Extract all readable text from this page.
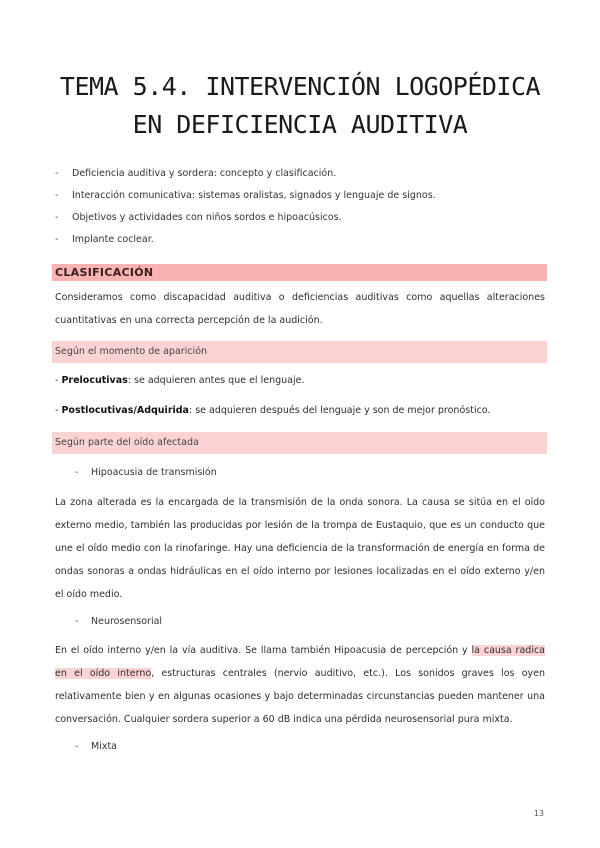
TEMA 5.4. INTERVENCIÓN LOGOPÉDICA EN DEFICIENCIA AUDITIVA
-	Deficiencia auditiva y sordera: concepto y clasificación.
-	Interacción comunicativa: sistemas oralistas, signados y lenguaje de signos.
-	Objetivos y actividades con niños sordos e hipoacúsicos.
-	Implante coclear.
CLASIFICACIÓN

Consideramos como discapacidad auditiva o deficiencias auditivas como aquellas alteraciones cuantitativas en una correcta percepción de la audición.

Según el momento de aparición
- Prelocutivas: se adquieren antes que el lenguaje.
- Postlocutivas/Adquirida: se adquieren después del lenguaje y son de mejor pronóstico.
Según parte del oído afectada
-	Hipoacusia de transmisión

La zona alterada es la encargada de la transmisión de la onda sonora. La causa se sitúa en el oído externo medio, también las producidas por lesión de la trompa de Eustaquio, que es un conducto que une el oído medio con la rinofaringe. Hay una deficiencia de la transformación de energía en forma de ondas sonoras a ondas hidráulicas en el oído interno por lesiones localizadas en el oído externo y/en el oído medio.

-	Neurosensorial

En el oído interno y/en la vía auditiva. Se llama también Hipoacusia de percepción y la causa radica en el oído interno, estructuras centrales (nervio auditivo, etc.). Los sonidos graves los oyen relativamente bien y en algunas ocasiones y bajo determinadas circunstancias pueden mantener una conversación. Cualquier sordera superior a 60 dB indica una pérdida neurosensorial pura mixta.

-	Mixta
13
